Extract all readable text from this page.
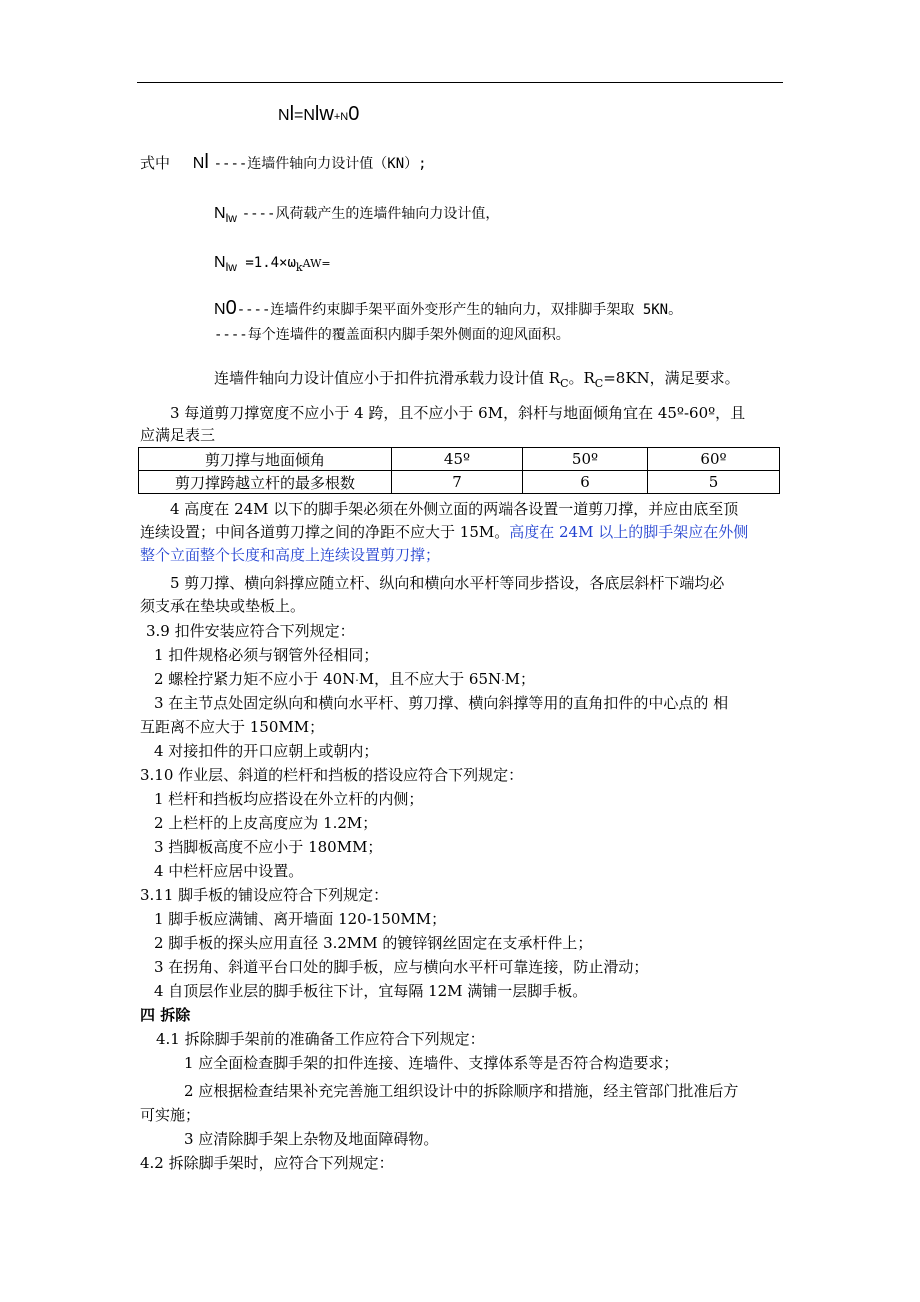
Nl=Nlw+N0
式中 Nl ----连墙件轴向力设计值（KN）;
$N_{lw}$ ----风荷载产生的连墙件轴向力设计值，
$N_{lw} =1.4\times\omega_kAW=$
N0----连墙件约束脚手架平面外变形产生的轴向力，双排脚手架取 5KN。
----每个连墙件的覆盖面积内脚手架外侧面的迎风面积。
连墙件轴向力设计值应小于扣件抗滑承载力设计值 $R_C$。$R_C=8KN$，满足要求。
3 每道剪刀撑宽度不应小于 4 跨，且不应小于 6M，斜杆与地面倾角宜在 45º-60º，且
应满足表三
剪刀撑与地面倾角	45º	50º	60º
剪刀撑跨越立杆的最多根数	7	6	5
4 高度在 24M 以下的脚手架必须在外侧立面的两端各设置一道剪刀撑，并应由底至顶
连续设置；中间各道剪刀撑之间的净距不应大于 15M。高度在 24M 以上的脚手架应在外侧
整个立面整个长度和高度上连续设置剪刀撑；
5 剪刀撑、横向斜撑应随立杆、纵向和横向水平杆等同步搭设，各底层斜杆下端均必
须支承在垫块或垫板上。
3.9 扣件安装应符合下列规定：
1 扣件规格必须与钢管外径相同；
2 螺栓拧紧力矩不应小于 40N·M，且不应大于 65N·M；
3 在主节点处固定纵向和横向水平杆、剪刀撑、横向斜撑等用的直角扣件的中心点的 相
互距离不应大于 150MM；
4 对接扣件的开口应朝上或朝内；
3.10 作业层、斜道的栏杆和挡板的搭设应符合下列规定：
1 栏杆和挡板均应搭设在外立杆的内侧；
2 上栏杆的上皮高度应为 1.2M；
3 挡脚板高度不应小于 180MM；
4 中栏杆应居中设置。
3.11 脚手板的铺设应符合下列规定：
1 脚手板应满铺、离开墙面 120-150MM；
2 脚手板的探头应用直径 3.2MM 的镀锌钢丝固定在支承杆件上；
3 在拐角、斜道平台口处的脚手板，应与横向水平杆可靠连接，防止滑动；
4 自顶层作业层的脚手板往下计，宜每隔 12M 满铺一层脚手板。
四 拆除
4.1 拆除脚手架前的准确备工作应符合下列规定：
1 应全面检查脚手架的扣件连接、连墙件、支撑体系等是否符合构造要求；
2 应根据检查结果补充完善施工组织设计中的拆除顺序和措施，经主管部门批准后方
可实施；
3 应清除脚手架上杂物及地面障碍物。
4.2 拆除脚手架时，应符合下列规定：
